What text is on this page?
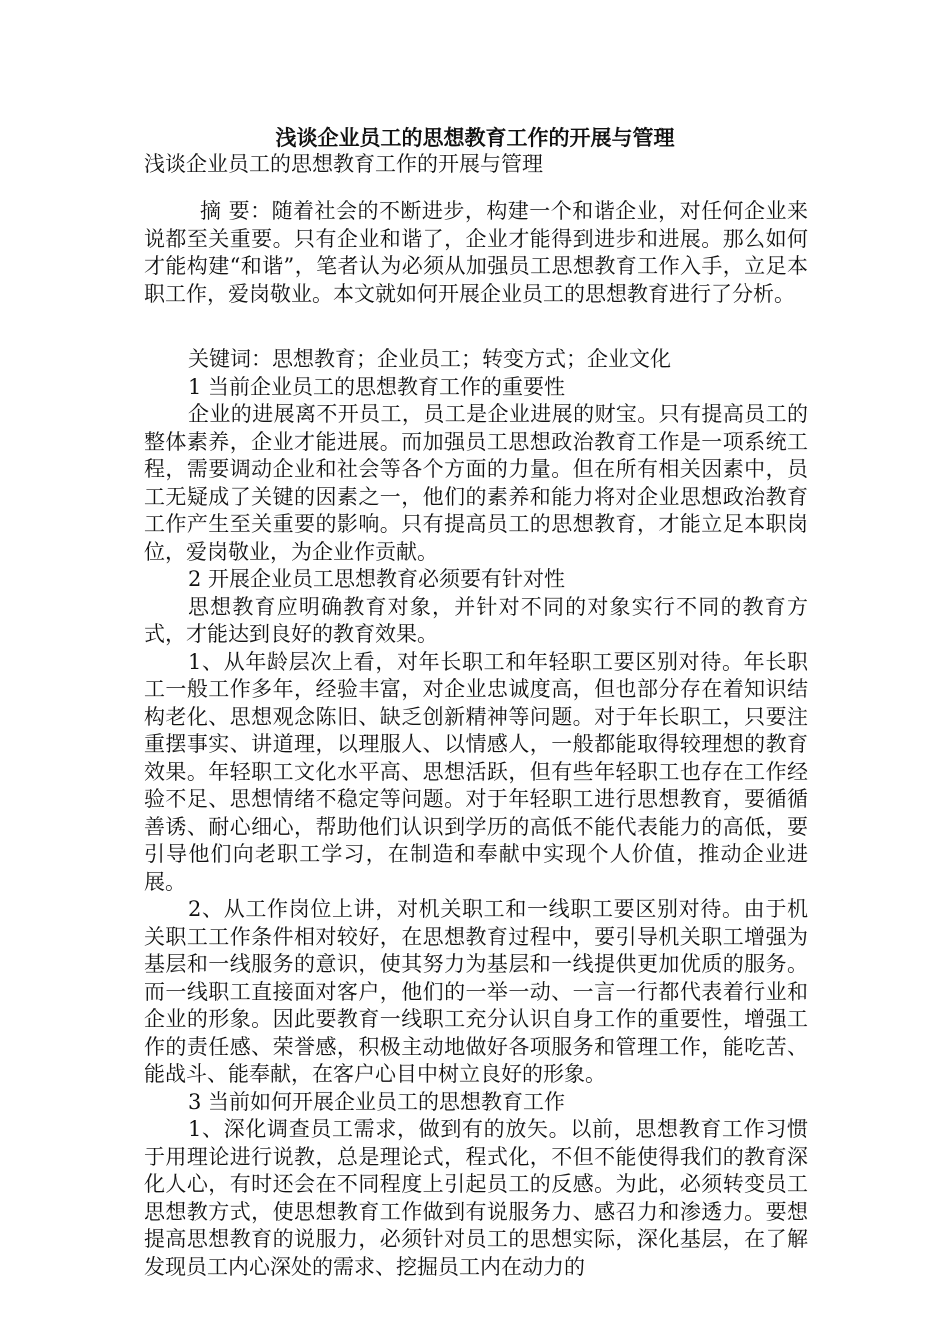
浅谈企业员工的思想教育工作的开展与管理
浅谈企业员工的思想教育工作的开展与管理
摘 要：随着社会的不断进步，构建一个和谐企业，对任何企业来说都至关重要。只有企业和谐了，企业才能得到进步和进展。那么如何才能构建“和谐”，笔者认为必须从加强员工思想教育工作入手，立足本职工作，爱岗敬业。本文就如何开展企业员工的思想教育进行了分析。

关键词：思想教育；企业员工；转变方式；企业文化

1 当前企业员工的思想教育工作的重要性

企业的进展离不开员工，员工是企业进展的财宝。只有提高员工的整体素养，企业才能进展。而加强员工思想政治教育工作是一项系统工程，需要调动企业和社会等各个方面的力量。但在所有相关因素中，员工无疑成了关键的因素之一，他们的素养和能力将对企业思想政治教育工作产生至关重要的影响。只有提高员工的思想教育，才能立足本职岗位，爱岗敬业，为企业作贡献。

2 开展企业员工思想教育必须要有针对性

思想教育应明确教育对象，并针对不同的对象实行不同的教育方式，才能达到良好的教育效果。

1、从年龄层次上看，对年长职工和年轻职工要区别对待。年长职工一般工作多年，经验丰富，对企业忠诚度高，但也部分存在着知识结构老化、思想观念陈旧、缺乏创新精神等问题。对于年长职工，只要注重摆事实、讲道理，以理服人、以情感人，一般都能取得较理想的教育效果。年轻职工文化水平高、思想活跃，但有些年轻职工也存在工作经验不足、思想情绪不稳定等问题。对于年轻职工进行思想教育，要循循善诱、耐心细心，帮助他们认识到学历的高低不能代表能力的高低，要引导他们向老职工学习，在制造和奉献中实现个人价值，推动企业进展。

2、从工作岗位上讲，对机关职工和一线职工要区别对待。由于机关职工工作条件相对较好，在思想教育过程中，要引导机关职工增强为基层和一线服务的意识，使其努力为基层和一线提供更加优质的服务。而一线职工直接面对客户，他们的一举一动、一言一行都代表着行业和企业的形象。因此要教育一线职工充分认识自身工作的重要性，增强工作的责任感、荣誉感，积极主动地做好各项服务和管理工作，能吃苦、能战斗、能奉献，在客户心目中树立良好的形象。

3 当前如何开展企业员工的思想教育工作

1、深化调查员工需求，做到有的放矢。以前，思想教育工作习惯于用理论进行说教，总是理论式，程式化，不但不能使得我们的教育深化人心，有时还会在不同程度上引起员工的反感。为此，必须转变员工思想教方式，使思想教育工作做到有说服务力、感召力和渗透力。要想提高思想教育的说服力，必须针对员工的思想实际，深化基层，在了解发现员工内心深处的需求、挖掘员工内在动力的
